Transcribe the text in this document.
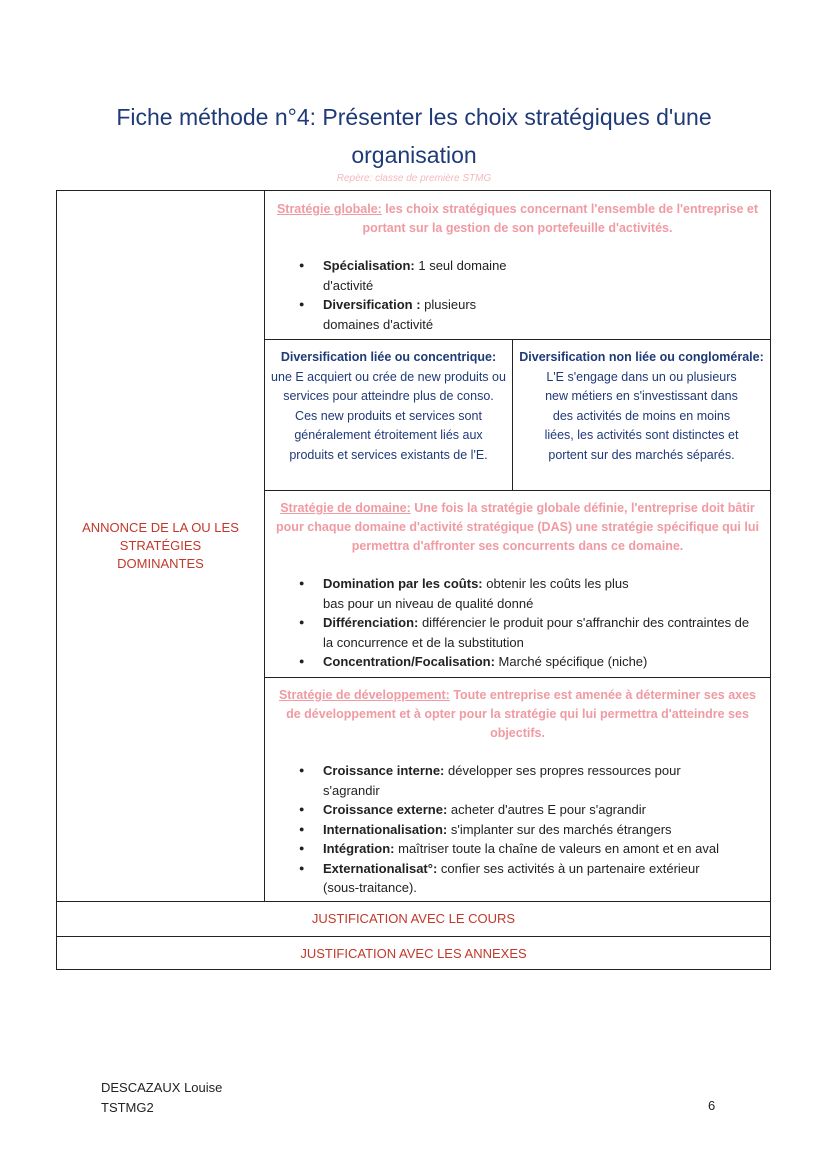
Fiche méthode n°4: Présenter les choix stratégiques d'une
organisation
Repère: classe de première STMG
ANNONCE DE LA OU LES STRATÉGIES DOMINANTES
Stratégie globale: les choix stratégiques concernant l'ensemble de l'entreprise et portant sur la gestion de son portefeuille d'activités.
● Spécialisation: 1 seul domaine d'activité
● Diversification : plusieurs domaines d'activité
Diversification liée ou concentrique:
une E acquiert ou crée de new produits ou services pour atteindre plus de conso. Ces new produits et services sont généralement étroitement liés aux produits et services existants de l'E.
Diversification non liée ou conglomérale:
L'E s'engage dans un ou plusieurs new métiers en s'investissant dans des activités de moins en moins liées, les activités sont distinctes et portent sur des marchés séparés.
Stratégie de domaine: Une fois la stratégie globale définie, l'entreprise doit bâtir pour chaque domaine d'activité stratégique (DAS) une stratégie spécifique qui lui permettra d'affronter ses concurrents dans ce domaine.
● Domination par les coûts: obtenir les coûts les plus bas pour un niveau de qualité donné
● Différenciation: différencier le produit pour s'affranchir des contraintes de la concurrence et de la substitution
● Concentration/Focalisation: Marché spécifique (niche)
Stratégie de développement: Toute entreprise est amenée à déterminer ses axes de développement et à opter pour la stratégie qui lui permettra d'atteindre ses objectifs.
● Croissance interne: développer ses propres ressources pour s'agrandir
● Croissance externe: acheter d'autres E pour s'agrandir
● Internationalisation: s'implanter sur des marchés étrangers
● Intégration: maîtriser toute la chaîne de valeurs en amont et en aval
● Externationalisat°: confier ses activités à un partenaire extérieur (sous-traitance).
JUSTIFICATION AVEC LE COURS
JUSTIFICATION AVEC LES ANNEXES
DESCAZAUX Louise
TSTMG2	6
